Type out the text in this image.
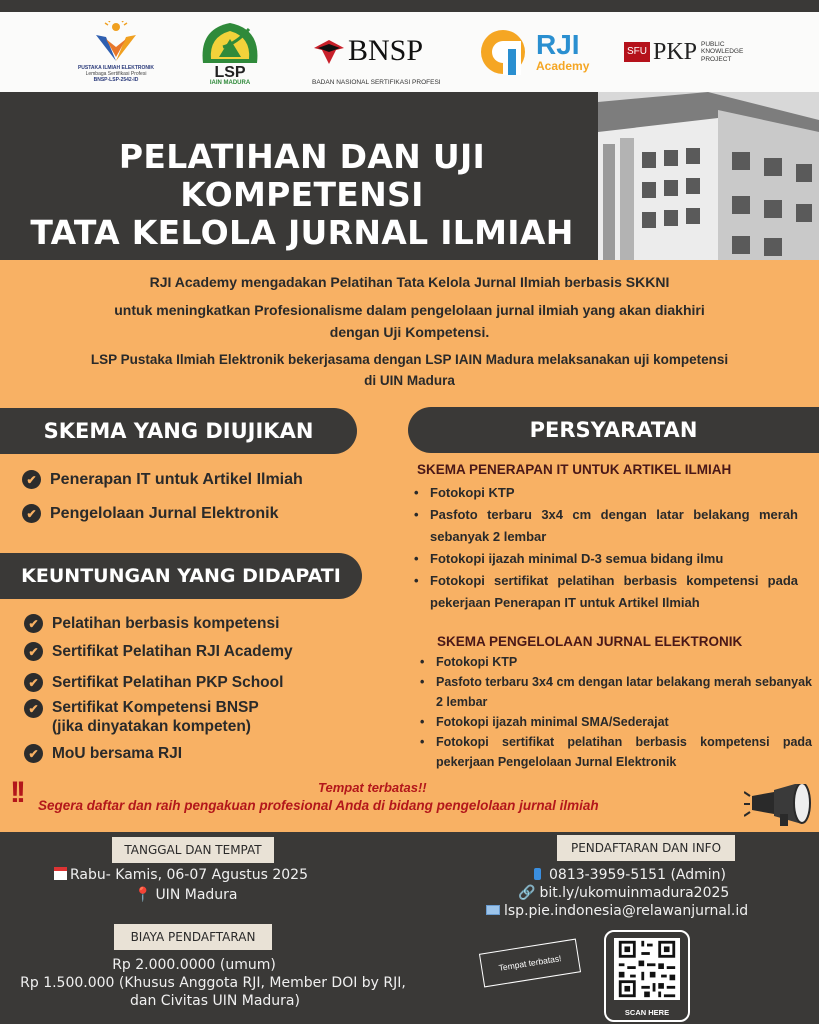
PUSTAKA ILMIAH ELEKTRONIK
Lembaga Sertifikasi Profesi
BNSP-LSP-2542-ID	LSP
IAIN MADURA
BNSP
BADAN NASIONAL SERTIFIKASI PROFESI
RJI
Academy
SFU PKP PUBLIC
KNOWLEDGE
PROJECT
PELATIHAN DAN UJI KOMPETENSI
TATA KELOLA JURNAL ILMIAH
RJI Academy mengadakan Pelatihan Tata Kelola Jurnal Ilmiah berbasis SKKNI
untuk meningkatkan Profesionalisme dalam pengelolaan jurnal ilmiah yang akan diakhiri
dengan Uji Kompetensi.
LSP Pustaka Ilmiah Elektronik bekerjasama dengan LSP IAIN Madura melaksanakan uji kompetensi
di UIN Madura
SKEMA YANG DIUJIKAN
✔ Penerapan IT untuk Artikel Ilmiah
✔ Pengelolaan Jurnal Elektronik
KEUNTUNGAN YANG DIDAPATI
✔ Pelatihan berbasis kompetensi
✔ Sertifikat Pelatihan RJI Academy
✔ Sertifikat Pelatihan PKP School
✔ Sertifikat Kompetensi BNSP
(jika dinyatakan kompeten)
✔ MoU bersama RJI
PERSYARATAN
SKEMA PENERAPAN IT UNTUK ARTIKEL ILMIAH
• Fotokopi KTP
• Pasfoto terbaru 3x4 cm dengan latar belakang merah sebanyak 2 lembar
• Fotokopi ijazah minimal D-3 semua bidang ilmu
• Fotokopi sertifikat pelatihan berbasis kompetensi pada pekerjaan Penerapan IT untuk Artikel Ilmiah
SKEMA PENGELOLAAN JURNAL ELEKTRONIK
• Fotokopi KTP
• Pasfoto terbaru 3x4 cm dengan latar belakang merah sebanyak 2 lembar
• Fotokopi ijazah minimal SMA/Sederajat
• Fotokopi sertifikat pelatihan berbasis kompetensi pada pekerjaan Pengelolaan Jurnal Elektronik
!!	Tempat terbatas!!
Segera daftar dan raih pengakuan profesional Anda di bidang pengelolaan jurnal ilmiah
TANGGAL DAN TEMPAT
Rabu- Kamis, 06-07 Agustus 2025
📍 UIN Madura
BIAYA PENDAFTARAN
Rp 2.000.0000 (umum)
Rp 1.500.000 (Khusus Anggota RJI, Member DOI by RJI,
dan Civitas UIN Madura)
PENDAFTARAN DAN INFO
0813-3959-5151 (Admin)
🔗 bit.ly/ukomuinmadura2025
lsp.pie.indonesia@relawanjurnal.id
Tempat terbatas!
SCAN HERE
